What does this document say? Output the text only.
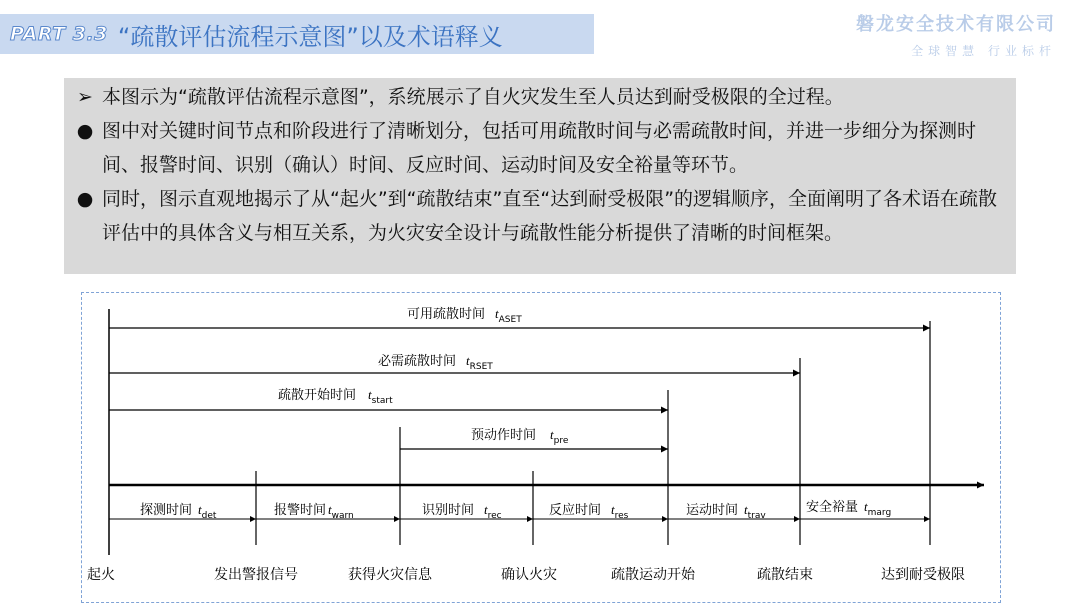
PART 3.3 “疏散评估流程示意图”以及术语释义	磐龙安全技术有限公司
全球智慧 行业标杆
➢ 本图示为“疏散评估流程示意图”，系统展示了自火灾发生至人员达到耐受极限的全过程。
● 图中对关键时间节点和阶段进行了清晰划分，包括可用疏散时间与必需疏散时间，并进一步细分为探测时间、报警时间、识别（确认）时间、反应时间、运动时间及安全裕量等环节。
● 同时，图示直观地揭示了从“起火”到“疏散结束”直至“达到耐受极限”的逻辑顺序，全面阐明了各术语在疏散评估中的具体含义与相互关系，为火灾安全设计与疏散性能分析提供了清晰的时间框架。
可用疏散时间 $t_{ASET}$
必需疏散时间 $t_{RSET}$
疏散开始时间 $t_{start}$
预动作时间 $t_{pre}$
探测时间 $t_{det}$	报警时间 $t_{warn}$	识别时间 $t_{rec}$	反应时间 $t_{res}$	运动时间 $t_{trav}$
安全裕量 $t_{marg}$
起火	发出警报信号	获得火灾信息	确认火灾	疏散运动开始	疏散结束	达到耐受极限
